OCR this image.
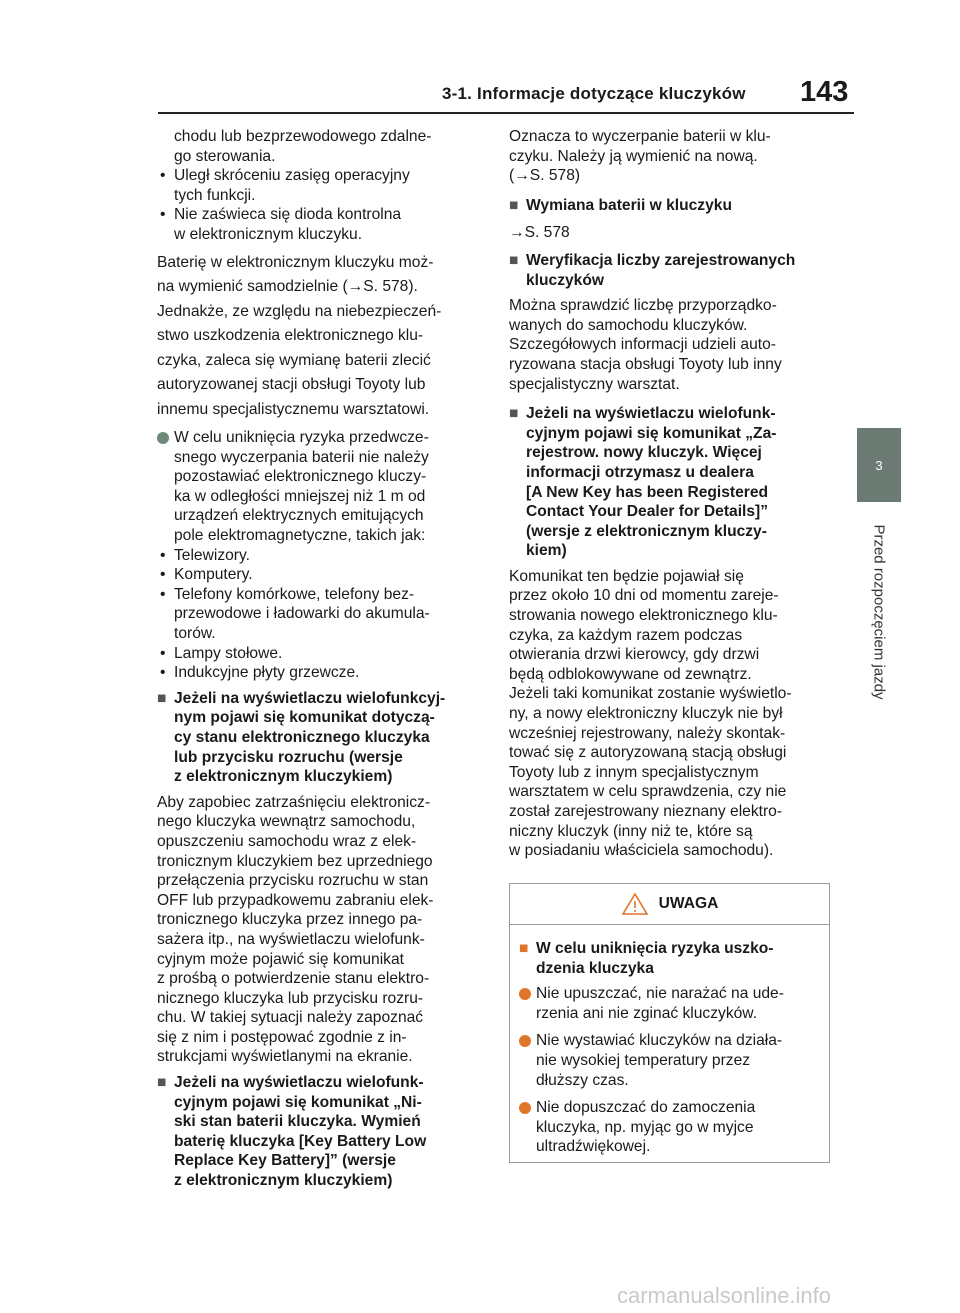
3-1. Informacje dotyczące kluczyków 143
3
Przed rozpoczęciem jazdy
chodu lub bezprzewodowego zdalne-
go sterowania.
• Uległ skróceniu zasięg operacyjny
tych funkcji.
• Nie zaświeca się dioda kontrolna
w elektronicznym kluczyku.
Baterię w elektronicznym kluczyku moż-
na wymienić samodzielnie (→S. 578).
Jednakże, ze względu na niebezpieczeń-
stwo uszkodzenia elektronicznego klu-
czyka, zaleca się wymianę baterii zlecić
autoryzowanej stacji obsługi Toyoty lub
innemu specjalistycznemu warsztatowi.
W celu uniknięcia ryzyka przedwcze-
snego wyczerpania baterii nie należy
pozostawiać elektronicznego kluczy-
ka w odległości mniejszej niż 1 m od
urządzeń elektrycznych emitujących
pole elektromagnetyczne, takich jak:
• Telewizory.
• Komputery.
• Telefony komórkowe, telefony bez-
przewodowe i ładowarki do akumula-
torów.
• Lampy stołowe.
• Indukcyjne płyty grzewcze.
■ Jeżeli na wyświetlaczu wielofunkcyj-
nym pojawi się komunikat dotyczą-
cy stanu elektronicznego kluczyka
lub przycisku rozruchu (wersje
z elektronicznym kluczykiem)
Aby zapobiec zatrzaśnięciu elektronicz-
nego kluczyka wewnątrz samochodu,
opuszczeniu samochodu wraz z elek-
tronicznym kluczykiem bez uprzedniego
przełączenia przycisku rozruchu w stan
OFF lub przypadkowemu zabraniu elek-
tronicznego kluczyka przez innego pa-
sażera itp., na wyświetlaczu wielofunk-
cyjnym może pojawić się komunikat
z prośbą o potwierdzenie stanu elektro-
nicznego kluczyka lub przycisku rozru-
chu. W takiej sytuacji należy zapoznać
się z nim i postępować zgodnie z in-
strukcjami wyświetlanymi na ekranie.
■ Jeżeli na wyświetlaczu wielofunk-
cyjnym pojawi się komunikat „Ni-
ski stan baterii kluczyka. Wymień
baterię kluczyka [Key Battery Low
Replace Key Battery]” (wersje
z elektronicznym kluczykiem)
Oznacza to wyczerpanie baterii w klu-
czyku. Należy ją wymienić na nową.
(→S. 578)
■ Wymiana baterii w kluczyku
→S. 578
■ Weryfikacja liczby zarejestrowanych
kluczyków
Można sprawdzić liczbę przyporządko-
wanych do samochodu kluczyków.
Szczegółowych informacji udzieli auto-
ryzowana stacja obsługi Toyoty lub inny
specjalistyczny warsztat.
■ Jeżeli na wyświetlaczu wielofunk-
cyjnym pojawi się komunikat „Za-
rejestrow. nowy kluczyk. Więcej
informacji otrzymasz u dealera
[A New Key has been Registered
Contact Your Dealer for Details]”
(wersje z elektronicznym kluczy-
kiem)
Komunikat ten będzie pojawiał się
przez około 10 dni od momentu zareje-
strowania nowego elektronicznego klu-
czyka, za każdym razem podczas
otwierania drzwi kierowcy, gdy drzwi
będą odblokowywane od zewnątrz.
Jeżeli taki komunikat zostanie wyświetlo-
ny, a nowy elektroniczny kluczyk nie był
wcześniej rejestrowany, należy skontak-
tować się z autoryzowaną stacją obsługi
Toyoty lub z innym specjalistycznym
warsztatem w celu sprawdzenia, czy nie
został zarejestrowany nieznany elektro-
niczny kluczyk (inny niż te, które są
w posiadaniu właściciela samochodu).
UWAGA
■ W celu uniknięcia ryzyka uszko-
dzenia kluczyka
Nie upuszczać, nie narażać na ude-
rzenia ani nie zginać kluczyków.
Nie wystawiać kluczyków na działa-
nie wysokiej temperatury przez
dłuższy czas.
Nie dopuszczać do zamoczenia
kluczyka, np. myjąc go w myjce
ultradźwiękowej.
carmanualsonline.info
